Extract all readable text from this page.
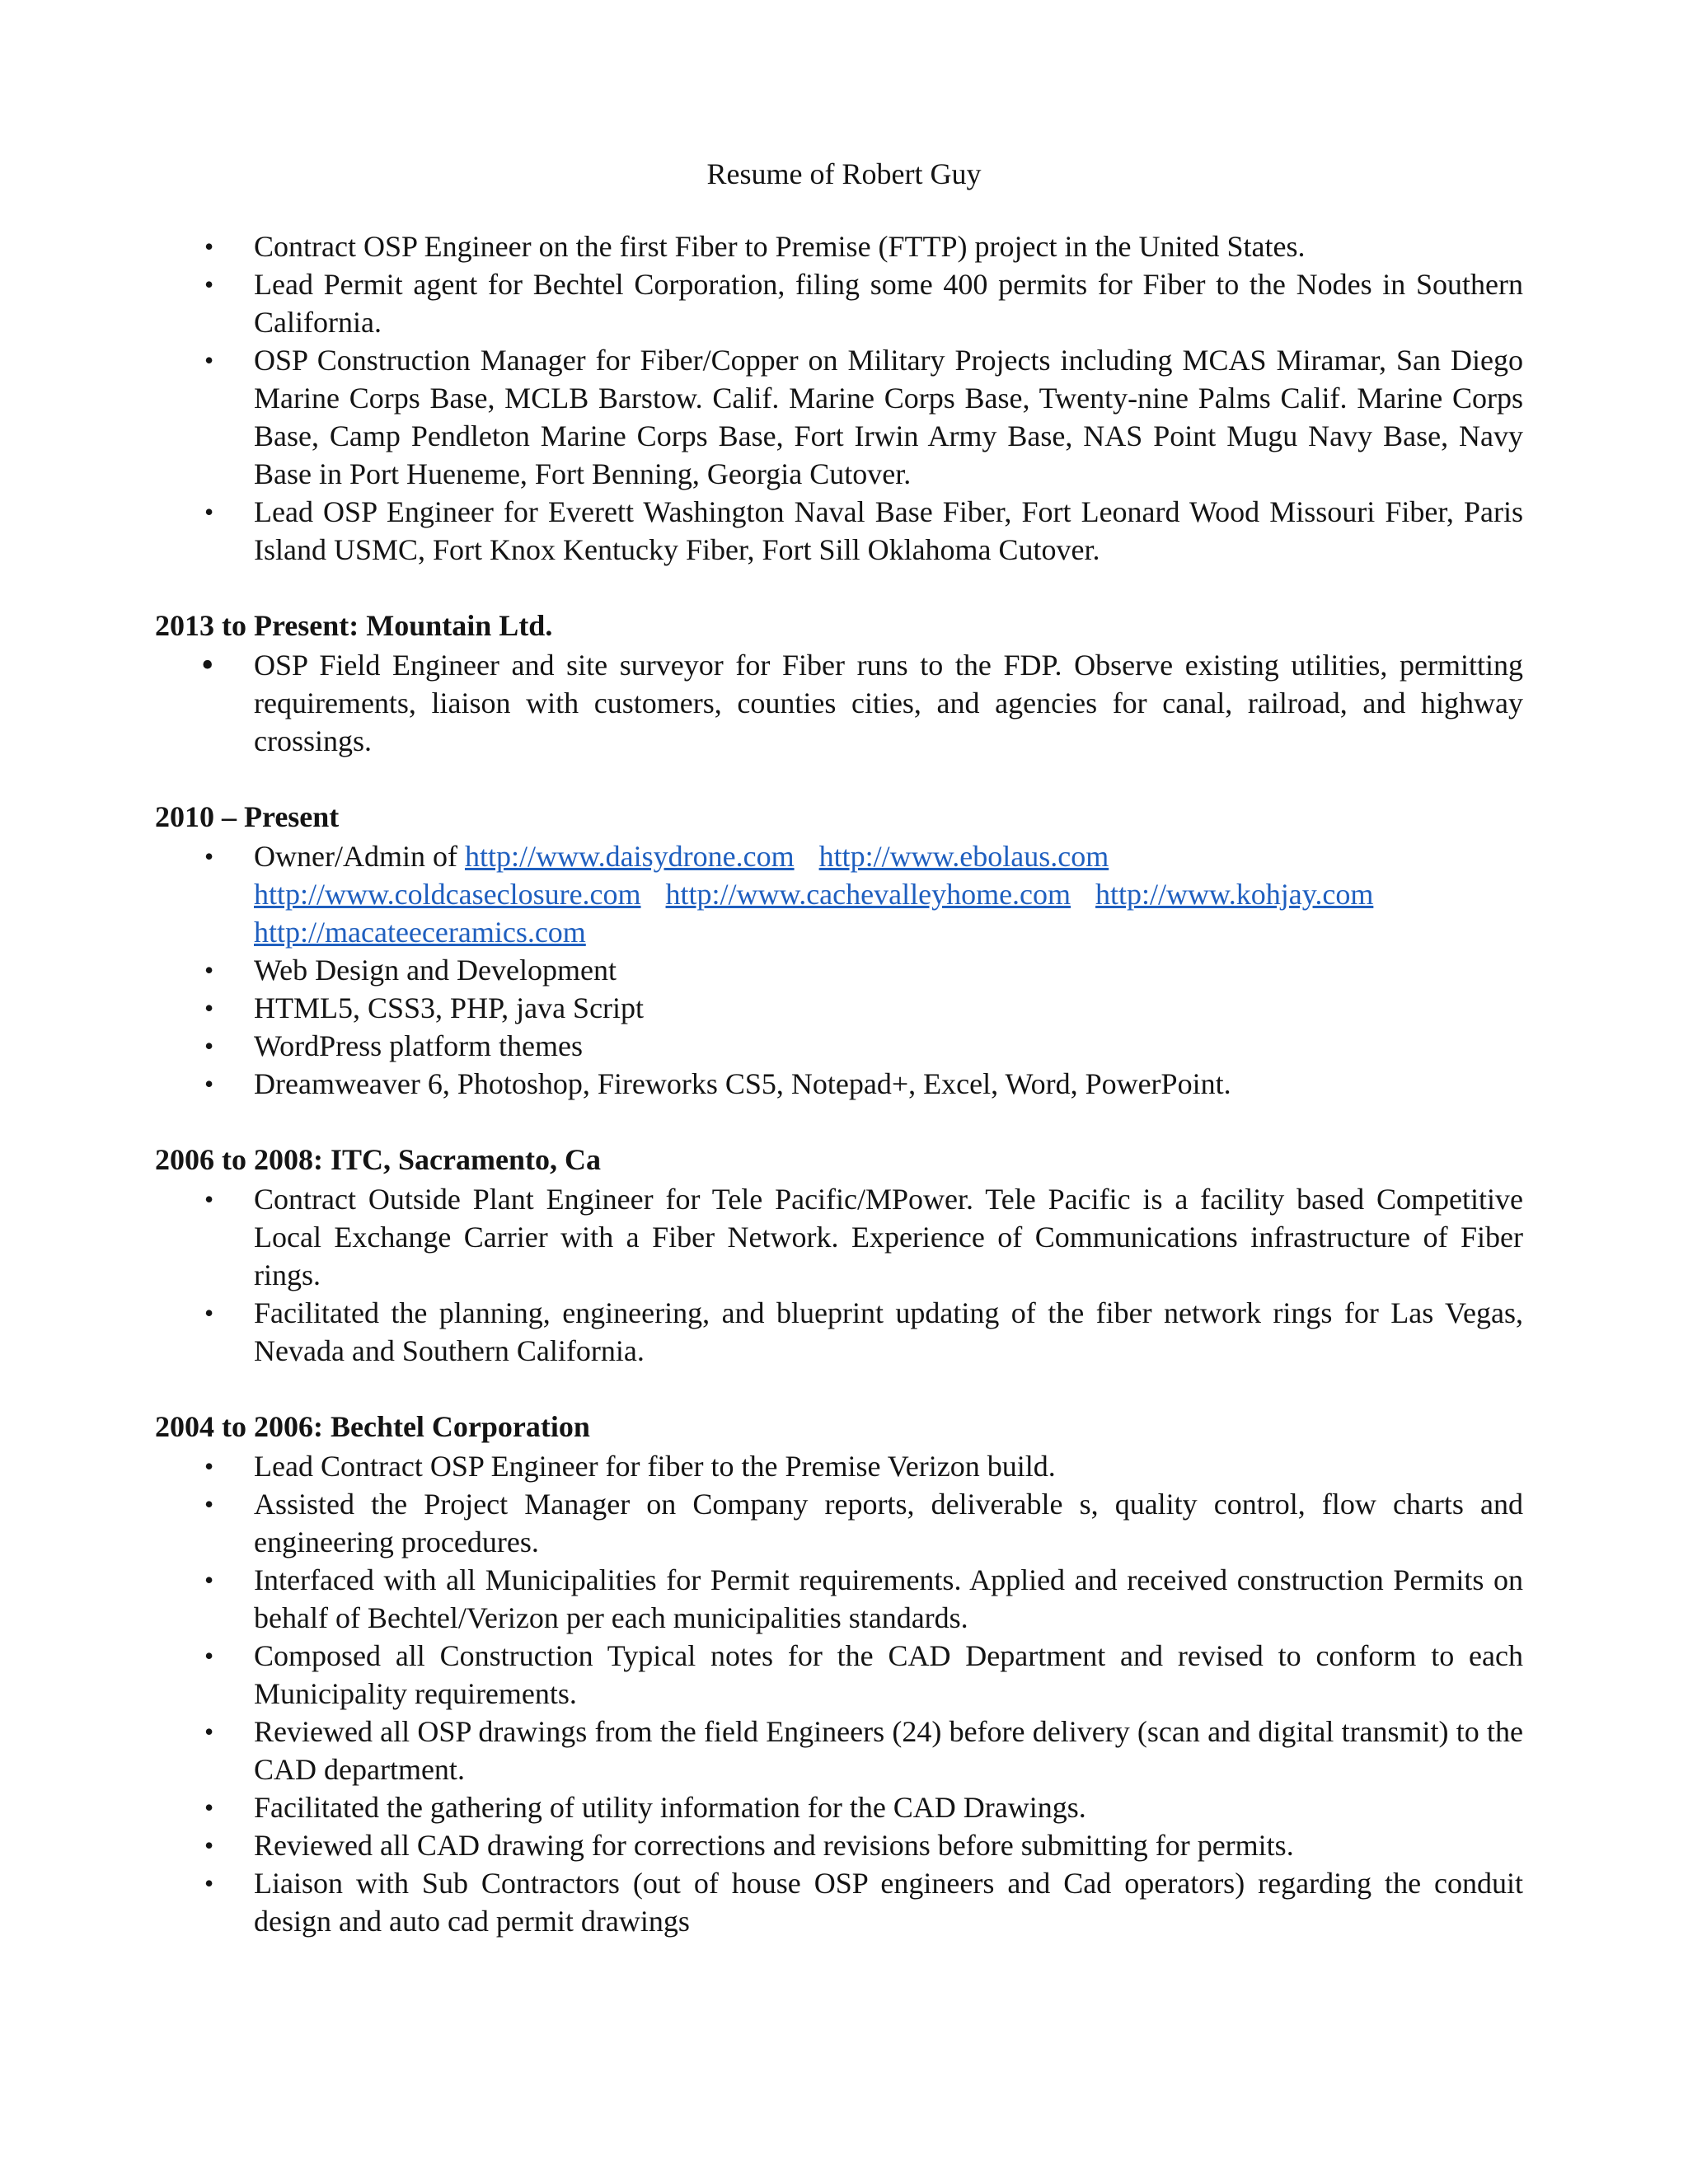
Resume of Robert Guy
• Contract OSP Engineer on the first Fiber to Premise (FTTP) project in the United States.
• Lead Permit agent for Bechtel Corporation, filing some 400 permits for Fiber to the Nodes in Southern California.
• OSP Construction Manager for Fiber/Copper on Military Projects including MCAS Miramar, San Diego Marine Corps Base, MCLB Barstow. Calif. Marine Corps Base, Twenty-nine Palms Calif. Marine Corps Base, Camp Pendleton Marine Corps Base, Fort Irwin Army Base, NAS Point Mugu Navy Base, Navy Base in Port Hueneme, Fort Benning, Georgia Cutover.
• Lead OSP Engineer for Everett Washington Naval Base Fiber, Fort Leonard Wood Missouri Fiber, Paris Island USMC, Fort Knox Kentucky Fiber, Fort Sill Oklahoma Cutover.
2013 to Present: Mountain Ltd.
• OSP Field Engineer and site surveyor for Fiber runs to the FDP. Observe existing utilities, permitting requirements, liaison with customers, counties cities, and agencies for canal, railroad, and highway crossings.
2010 – Present
• Owner/Admin of http://www.daisydrone.com http://www.ebolaus.com
http://www.coldcaseclosure.com http://www.cachevalleyhome.com http://www.kohjay.com
http://macateeceramics.com
• Web Design and Development
• HTML5, CSS3, PHP, java Script
• WordPress platform themes
• Dreamweaver 6, Photoshop, Fireworks CS5, Notepad+, Excel, Word, PowerPoint.
2006 to 2008: ITC, Sacramento, Ca
• Contract Outside Plant Engineer for Tele Pacific/MPower. Tele Pacific is a facility based Competitive Local Exchange Carrier with a Fiber Network. Experience of Communications infrastructure of Fiber rings.
• Facilitated the planning, engineering, and blueprint updating of the fiber network rings for Las Vegas, Nevada and Southern California.
2004 to 2006: Bechtel Corporation
• Lead Contract OSP Engineer for fiber to the Premise Verizon build.
• Assisted the Project Manager on Company reports, deliverable s, quality control, flow charts and engineering procedures.
• Interfaced with all Municipalities for Permit requirements. Applied and received construction Permits on behalf of Bechtel/Verizon per each municipalities standards.
• Composed all Construction Typical notes for the CAD Department and revised to conform to each Municipality requirements.
• Reviewed all OSP drawings from the field Engineers (24) before delivery (scan and digital transmit) to the CAD department.
• Facilitated the gathering of utility information for the CAD Drawings.
• Reviewed all CAD drawing for corrections and revisions before submitting for permits.
• Liaison with Sub Contractors (out of house OSP engineers and Cad operators) regarding the conduit design and auto cad permit drawings
